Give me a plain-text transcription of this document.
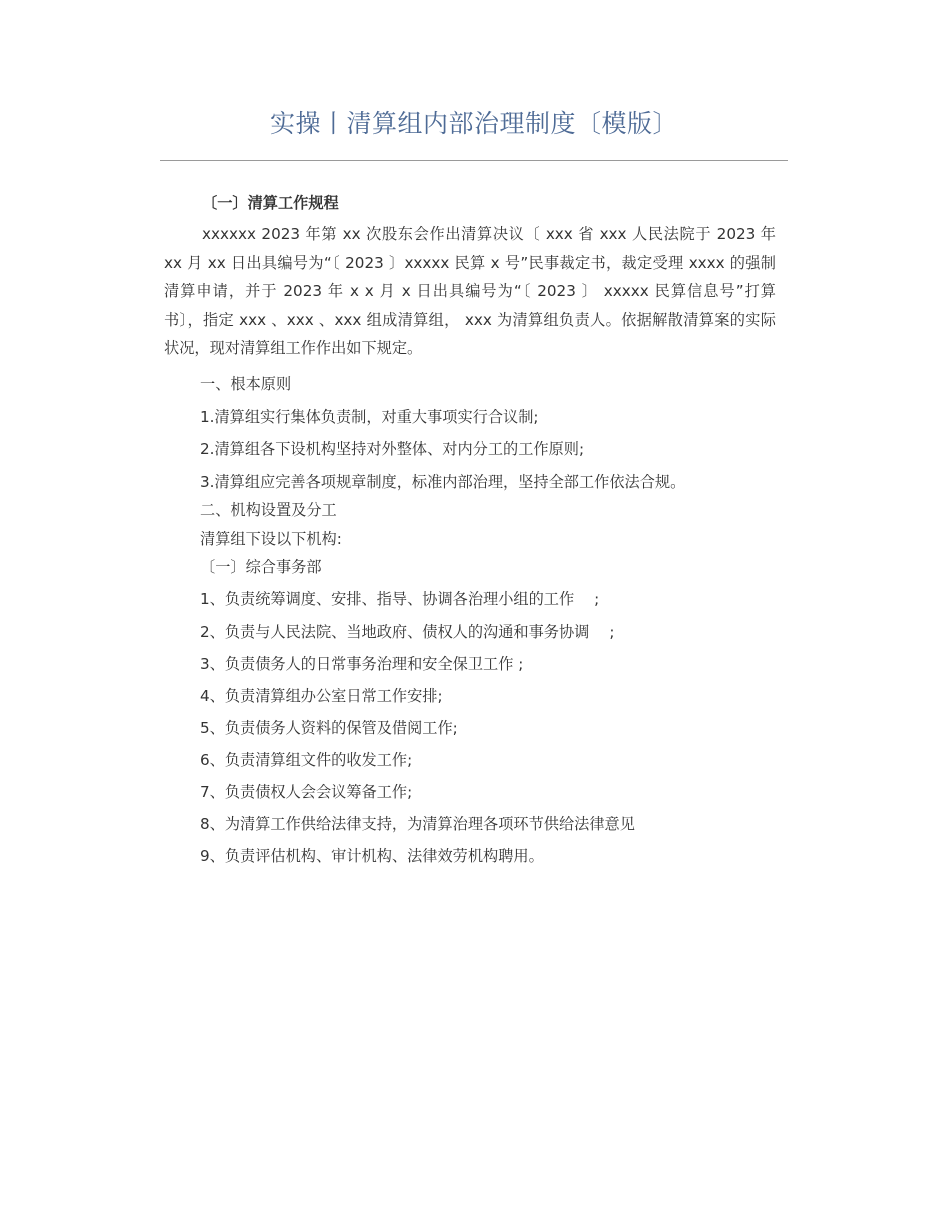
实操丨清算组内部治理制度〔模版〕

〔一〕清算工作规程

xxxxxx 2023 年第 xx 次股东会作出清算决议〔 xxx 省 xxx 人民法院于 2023 年 xx 月 xx 日出具编号为“〔 2023 〕xxxxx 民算 x 号”民事裁定书，裁定受理 xxxx 的强制清算申请，并于 2023 年 x x 月 x 日出具编号为“〔 2023 〕 xxxxx 民算信息号”打算书〕，指定 xxx 、xxx 、xxx 组成清算组， xxx 为清算组负责人。依据解散清算案的实际状况，现对清算组工作作出如下规定。

一、根本原则

1.清算组实行集体负责制，对重大事项实行合议制;

2.清算组各下设机构坚持对外整体、对内分工的工作原则;

3.清算组应完善各项规章制度，标准内部治理，坚持全部工作依法合规。

二、机构设置及分工

清算组下设以下机构:

〔一〕综合事务部

1、负责统筹调度、安排、指导、协调各治理小组的工作　 ;

2、负责与人民法院、当地政府、债权人的沟通和事务协调　 ;

3、负责债务人的日常事务治理和安全保卫工作 ;

4、负责清算组办公室日常工作安排;

5、负责债务人资料的保管及借阅工作;

6、负责清算组文件的收发工作;

7、负责债权人会会议筹备工作;

8、为清算工作供给法律支持，为清算治理各项环节供给法律意见

9、负责评估机构、审计机构、法律效劳机构聘用。
